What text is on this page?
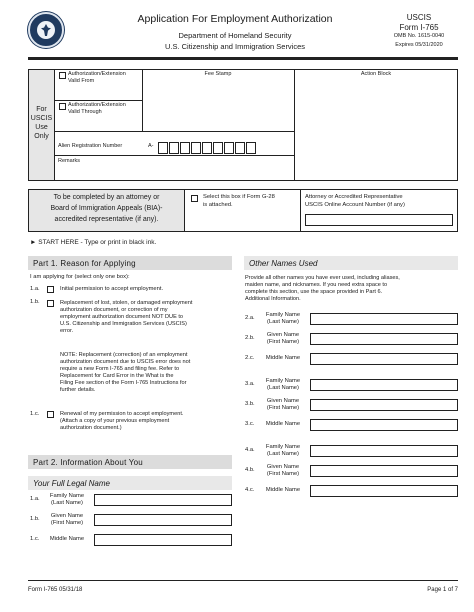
Application For Employment Authorization
Department of Homeland Security
U.S. Citizenship and Immigration Services
USCIS
Form I-765
OMB No. 1615-0040
Expires 05/31/2020
For
USCIS
Use
Only
Authorization/Extension
Valid From
Authorization/Extension
Valid Through
Alien Registration Number	A-
Remarks
Fee Stamp	Action Block
To be completed by an attorney or
Board of Immigration Appeals (BIA)-
accredited representative (if any).
Select this box if Form G-28
is attached.
Attorney or Accredited Representative
USCIS Online Account Number (if any)
► START HERE - Type or print in black ink.
Part 1. Reason for Applying
I am applying for (select only one box):
1.a.	Initial permission to accept employment.
1.b.	Replacement of lost, stolen, or damaged employment
authorization document, or correction of my
employment authorization document NOT DUE to
U.S. Citizenship and Immigration Services (USCIS)
error.
NOTE: Replacement (correction) of an employment
authorization document due to USCIS error does not
require a new Form I-765 and filing fee. Refer to
Replacement for Card Error in the What is the
Filing Fee section of the Form I-765 Instructions for
further details.
1.c.	Renewal of my permission to accept employment.
(Attach a copy of your previous employment
authorization document.)
Part 2. Information About You
Your Full Legal Name
1.a.	Family Name
(Last Name)
1.b.	Given Name
(First Name)
1.c.	Middle Name
Other Names Used
Provide all other names you have ever used, including aliases,
maiden name, and nicknames. If you need extra space to
complete this section, use the space provided in Part 6.
Additional Information.
2.a.	Family Name
(Last Name)
2.b.	Given Name
(First Name)
2.c.	Middle Name
3.a.	Family Name
(Last Name)
3.b.	Given Name
(First Name)
3.c.	Middle Name
4.a.	Family Name
(Last Name)
4.b.	Given Name
(First Name)
4.c.	Middle Name
Form I-765 05/31/18	Page 1 of 7
